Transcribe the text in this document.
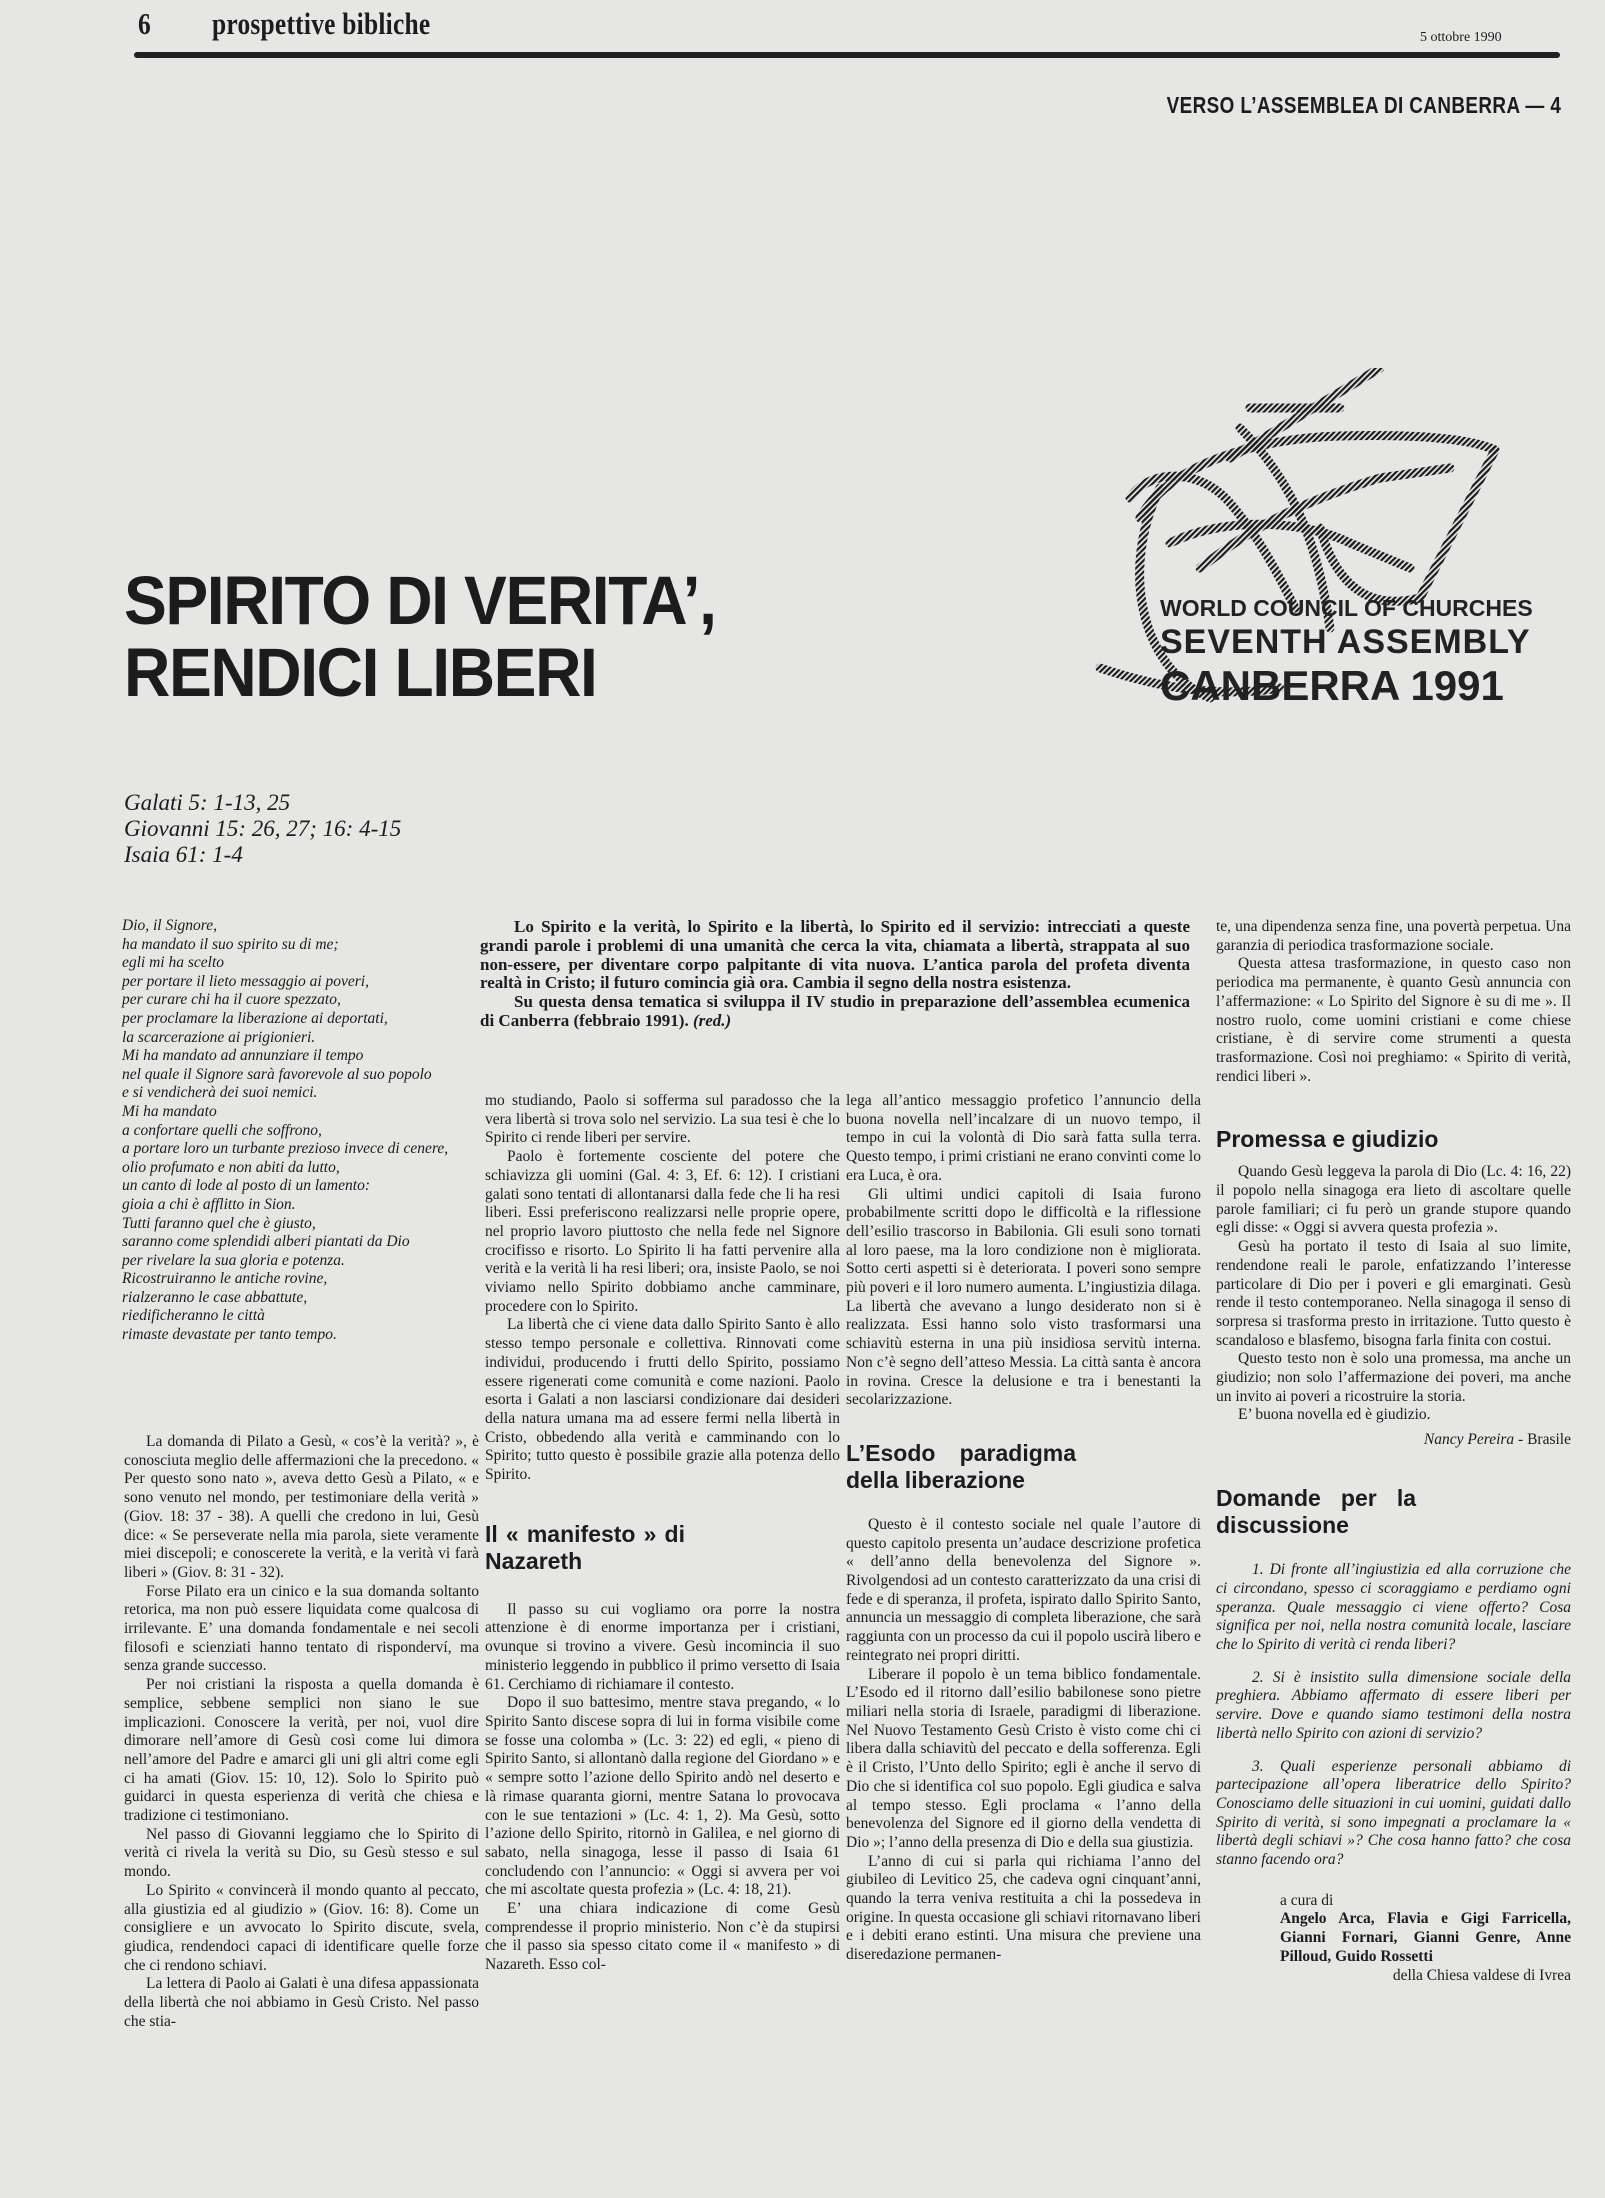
6 prospettive bibliche	5 ottobre 1990
VERSO L’ASSEMBLEA DI CANBERRA — 4
SPIRITO DI VERITA’,
RENDICI LIBERI
WORLD COUNCIL OF CHURCHES
SEVENTH ASSEMBLY
CANBERRA 1991
Galati 5: 1-13, 25
Giovanni 15: 26, 27; 16: 4-15
Isaia 61: 1-4
Dio, il Signore,
ha mandato il suo spirito su di me;
egli mi ha scelto
per portare il lieto messaggio ai poveri,
per curare chi ha il cuore spezzato,
per proclamare la liberazione ai deportati,
la scarcerazione ai prigionieri.
Mi ha mandato ad annunziare il tempo
nel quale il Signore sarà favorevole al suo popolo
e si vendicherà dei suoi nemici.
Mi ha mandato
a confortare quelli che soffrono,
a portare loro un turbante prezioso invece di cenere,
olio profumato e non abiti da lutto,
un canto di lode al posto di un lamento:
gioia a chi è afflitto in Sion.
Tutti faranno quel che è giusto,
saranno come splendidi alberi piantati da Dio
per rivelare la sua gloria e potenza.
Ricostruiranno le antiche rovine,
rialzeranno le case abbattute,
riedificheranno le città
rimaste devastate per tanto tempo.

Lo Spirito e la verità, lo Spirito e la libertà, lo Spirito ed il servizio: intrecciati a queste grandi parole i problemi di una umanità che cerca la vita, chiamata a libertà, strappata al suo non-essere, per diventare corpo palpitante di vita nuova. L’antica parola del profeta diventa realtà in Cristo; il futuro comincia già ora. Cambia il segno della nostra esistenza.

Su questa densa tematica si sviluppa il IV studio in preparazione dell’assemblea ecumenica di Canberra (febbraio 1991). (red.)

La domanda di Pilato a Gesù, « cos’è la verità? », è conosciuta meglio delle affermazioni che la precedono. « Per questo sono nato », aveva detto Gesù a Pilato, « e sono venuto nel mondo, per testimoniare della verità » (Giov. 18: 37 - 38). A quelli che credono in lui, Gesù dice: « Se perseverate nella mia parola, siete veramente miei discepoli; e conoscerete la verità, e la verità vi farà liberi » (Giov. 8: 31 - 32).

Forse Pilato era un cinico e la sua domanda soltanto retorica, ma non può essere liquidata come qualcosa di irrilevante. E’ una domanda fondamentale e nei secoli filosofi e scienziati hanno tentato di risponderví, ma senza grande successo.

Per noi cristiani la risposta a quella domanda è semplice, sebbene semplici non siano le sue implicazioni. Conoscere la verità, per noi, vuol dire dimorare nell’amore di Gesù così come lui dimora nell’amore del Padre e amarci gli uni gli altri come egli ci ha amati (Giov. 15: 10, 12). Solo lo Spirito può guidarci in questa esperienza di verità che chiesa e tradizione ci testimoniano.

Nel passo di Giovanni leggiamo che lo Spirito di verità ci rivela la verità su Dio, su Gesù stesso e sul mondo.

Lo Spirito « convincerà il mondo quanto al peccato, alla giustizia ed al giudizio » (Giov. 16: 8). Come un consigliere e un avvocato lo Spirito discute, svela, giudica, rendendoci capaci di identificare quelle forze che ci rendono schiavi.

La lettera di Paolo ai Galati è una difesa appassionata della libertà che noi abbiamo in Gesù Cristo. Nel passo che stia-

mo studiando, Paolo si sofferma sul paradosso che la vera libertà si trova solo nel servizio. La sua tesi è che lo Spirito ci rende liberi per servire.

Paolo è fortemente cosciente del potere che schiavizza gli uomini (Gal. 4: 3, Ef. 6: 12). I cristiani galati sono tentati di allontanarsi dalla fede che li ha resi liberi. Essi preferiscono realizzarsi nelle proprie opere, nel proprio lavoro piuttosto che nella fede nel Signore crocifisso e risorto. Lo Spirito li ha fatti pervenire alla verità e la verità li ha resi liberi; ora, insiste Paolo, se noi viviamo nello Spirito dobbiamo anche camminare, procedere con lo Spirito.

La libertà che ci viene data dallo Spirito Santo è allo stesso tempo personale e collettiva. Rinnovati come individui, producendo i frutti dello Spirito, possiamo essere rigenerati come comunità e come nazioni. Paolo esorta i Galati a non lasciarsi condizionare dai desideri della natura umana ma ad essere fermi nella libertà in Cristo, obbedendo alla verità e camminando con lo Spirito; tutto questo è possibile grazie alla potenza dello Spirito.

Il « manifesto » di Nazareth

Il passo su cui vogliamo ora porre la nostra attenzione è di enorme importanza per i cristiani, ovunque si trovino a vivere. Gesù incomincia il suo ministerio leggendo in pubblico il primo versetto di Isaia 61. Cerchiamo di richiamare il contesto.

Dopo il suo battesimo, mentre stava pregando, « lo Spirito Santo discese sopra di lui in forma visibile come se fosse una colomba » (Lc. 3: 22) ed egli, « pieno di Spirito Santo, si allontanò dalla regione del Giordano » e « sempre sotto l’azione dello Spirito andò nel deserto e là rimase quaranta giorni, mentre Satana lo provocava con le sue tentazioni » (Lc. 4: 1, 2). Ma Gesù, sotto l’azione dello Spirito, ritornò in Galilea, e nel giorno di sabato, nella sinagoga, lesse il passo di Isaia 61 concludendo con l’annuncio: « Oggi si avvera per voi che mi ascoltate questa profezia » (Lc. 4: 18, 21).

E’ una chiara indicazione di come Gesù comprendesse il proprio ministerio. Non c’è da stupirsi che il passo sia spesso citato come il « manifesto » di Nazareth. Esso col-

lega all’antico messaggio profetico l’annuncio della buona novella nell’incalzare di un nuovo tempo, il tempo in cui la volontà di Dio sarà fatta sulla terra. Questo tempo, i primi cristiani ne erano convinti come lo era Luca, è ora.

Gli ultimi undici capitoli di Isaia furono probabilmente scritti dopo le difficoltà e la riflessione dell’esilio trascorso in Babilonia. Gli esuli sono tornati al loro paese, ma la loro condizione non è migliorata. Sotto certi aspetti si è deteriorata. I poveri sono sempre più poveri e il loro numero aumenta. L’ingiustizia dilaga. La libertà che avevano a lungo desiderato non si è realizzata. Essi hanno solo visto trasformarsi una schiavitù esterna in una più insidiosa servitù interna. Non c’è segno dell’atteso Messia. La città santa è ancora in rovina. Cresce la delusione e tra i benestanti la secolarizzazione.

L’Esodo paradigma della liberazione

Questo è il contesto sociale nel quale l’autore di questo capitolo presenta un’audace descrizione profetica « dell’anno della benevolenza del Signore ». Rivolgendosi ad un contesto caratterizzato da una crisi di fede e di speranza, il profeta, ispirato dallo Spirito Santo, annuncia un messaggio di completa liberazione, che sarà raggiunta con un processo da cui il popolo uscirà libero e reintegrato nei propri diritti.

Liberare il popolo è un tema biblico fondamentale. L’Esodo ed il ritorno dall’esilio babilonese sono pietre miliari nella storia di Israele, paradigmi di liberazione. Nel Nuovo Testamento Gesù Cristo è visto come chi ci libera dalla schiavitù del peccato e della sofferenza. Egli è il Cristo, l’Unto dello Spirito; egli è anche il servo di Dio che si identifica col suo popolo. Egli giudica e salva al tempo stesso. Egli proclama « l’anno della benevolenza del Signore ed il giorno della vendetta di Dio »; l’anno della presenza di Dio e della sua giustizia.

L’anno di cui si parla qui richiama l’anno del giubileo di Levitico 25, che cadeva ogni cinquant’anni, quando la terra veniva restituita a chi la possedeva in origine. In questa occasione gli schiavi ritornavano liberi e i debiti erano estinti. Una misura che previene una diseredazione permanen-

te, una dipendenza senza fine, una povertà perpetua. Una garanzia di periodica trasformazione sociale.

Questa attesa trasformazione, in questo caso non periodica ma permanente, è quanto Gesù annuncia con l’affermazione: « Lo Spirito del Signore è su di me ». Il nostro ruolo, come uomini cristiani e come chiese cristiane, è di servire come strumenti a questa trasformazione. Così noi preghiamo: « Spirito di verità, rendici liberi ».

Promessa e giudizio

Quando Gesù leggeva la parola di Dio (Lc. 4: 16, 22) il popolo nella sinagoga era lieto di ascoltare quelle parole familiari; ci fu però un grande stupore quando egli disse: « Oggi si avvera questa profezia ».

Gesù ha portato il testo di Isaia al suo limite, rendendone reali le parole, enfatizzando l’interesse particolare di Dio per i poveri e gli emarginati. Gesù rende il testo contemporaneo. Nella sinagoga il senso di sorpresa si trasforma presto in irritazione. Tutto questo è scandaloso e blasfemo, bisogna farla finita con costui.

Questo testo non è solo una promessa, ma anche un giudizio; non solo l’affermazione dei poveri, ma anche un invito ai poveri a ricostruire la storia.

E’ buona novella ed è giudizio.

Nancy Pereira - Brasile
Domande per la discussione

1. Di fronte all’ingiustizia ed alla corruzione che ci circondano, spesso ci scoraggiamo e perdiamo ogni speranza. Quale messaggio ci viene offerto? Cosa significa per noi, nella nostra comunità locale, lasciare che lo Spirito di verità ci renda liberi?

2. Si è insistito sulla dimensione sociale della preghiera. Abbiamo affermato di essere liberi per servire. Dove e quando siamo testimoni della nostra libertà nello Spirito con azioni di servizio?

3. Quali esperienze personali abbiamo di partecipazione all’opera liberatrice dello Spirito? Conosciamo delle situazioni in cui uomini, guidati dallo Spirito di verità, si sono impegnati a proclamare la « libertà degli schiavi »? Che cosa hanno fatto? che cosa stanno facendo ora?

a cura di
Angelo Arca, Flavia e Gigi Farricella, Gianni Fornari, Gianni Genre, Anne Pilloud, Guido Rossetti
della Chiesa valdese di Ivrea
